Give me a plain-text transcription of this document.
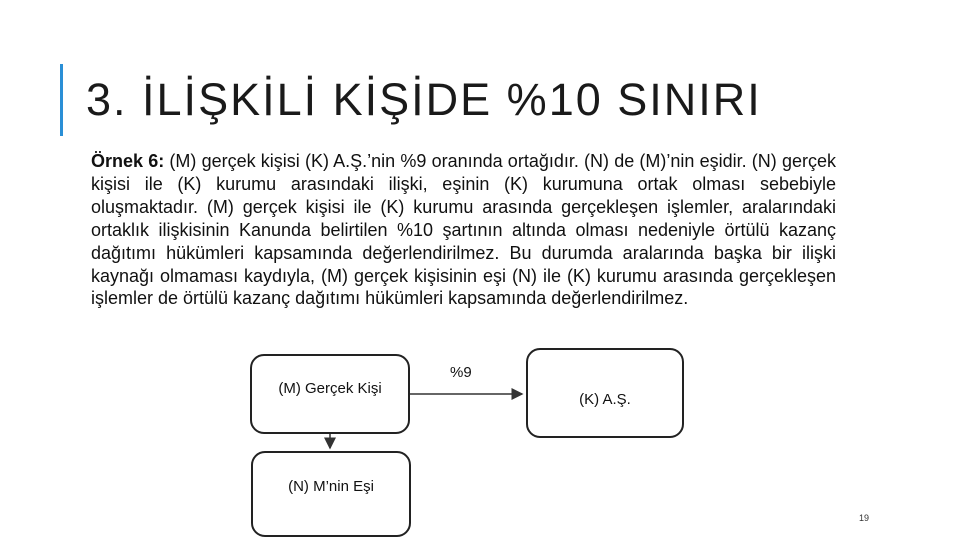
3. İLİŞKİLİ KİŞİDE %10 SINIRI

Örnek 6: (M) gerçek kişisi (K) A.Ş.’nin %9 oranında ortağıdır. (N) de (M)’nin eşidir. (N) gerçek kişisi ile (K) kurumu arasındaki ilişki, eşinin (K) kurumuna ortak olması sebebiyle oluşmaktadır. (M) gerçek kişisi ile (K) kurumu arasında gerçekleşen işlemler, aralarındaki ortaklık ilişkisinin Kanunda belirtilen %10 şartının altında olması nedeniyle örtülü kazanç dağıtımı hükümleri kapsamında değerlendirilmez. Bu durumda aralarında başka bir ilişki kaynağı olmaması kaydıyla, (M) gerçek kişisinin eşi (N) ile (K) kurumu arasında gerçekleşen işlemler de örtülü kazanç dağıtımı hükümleri kapsamında değerlendirilmez.

(M) Gerçek Kişi
(K) A.Ş.
(N) M’nin Eşi
%9
19
